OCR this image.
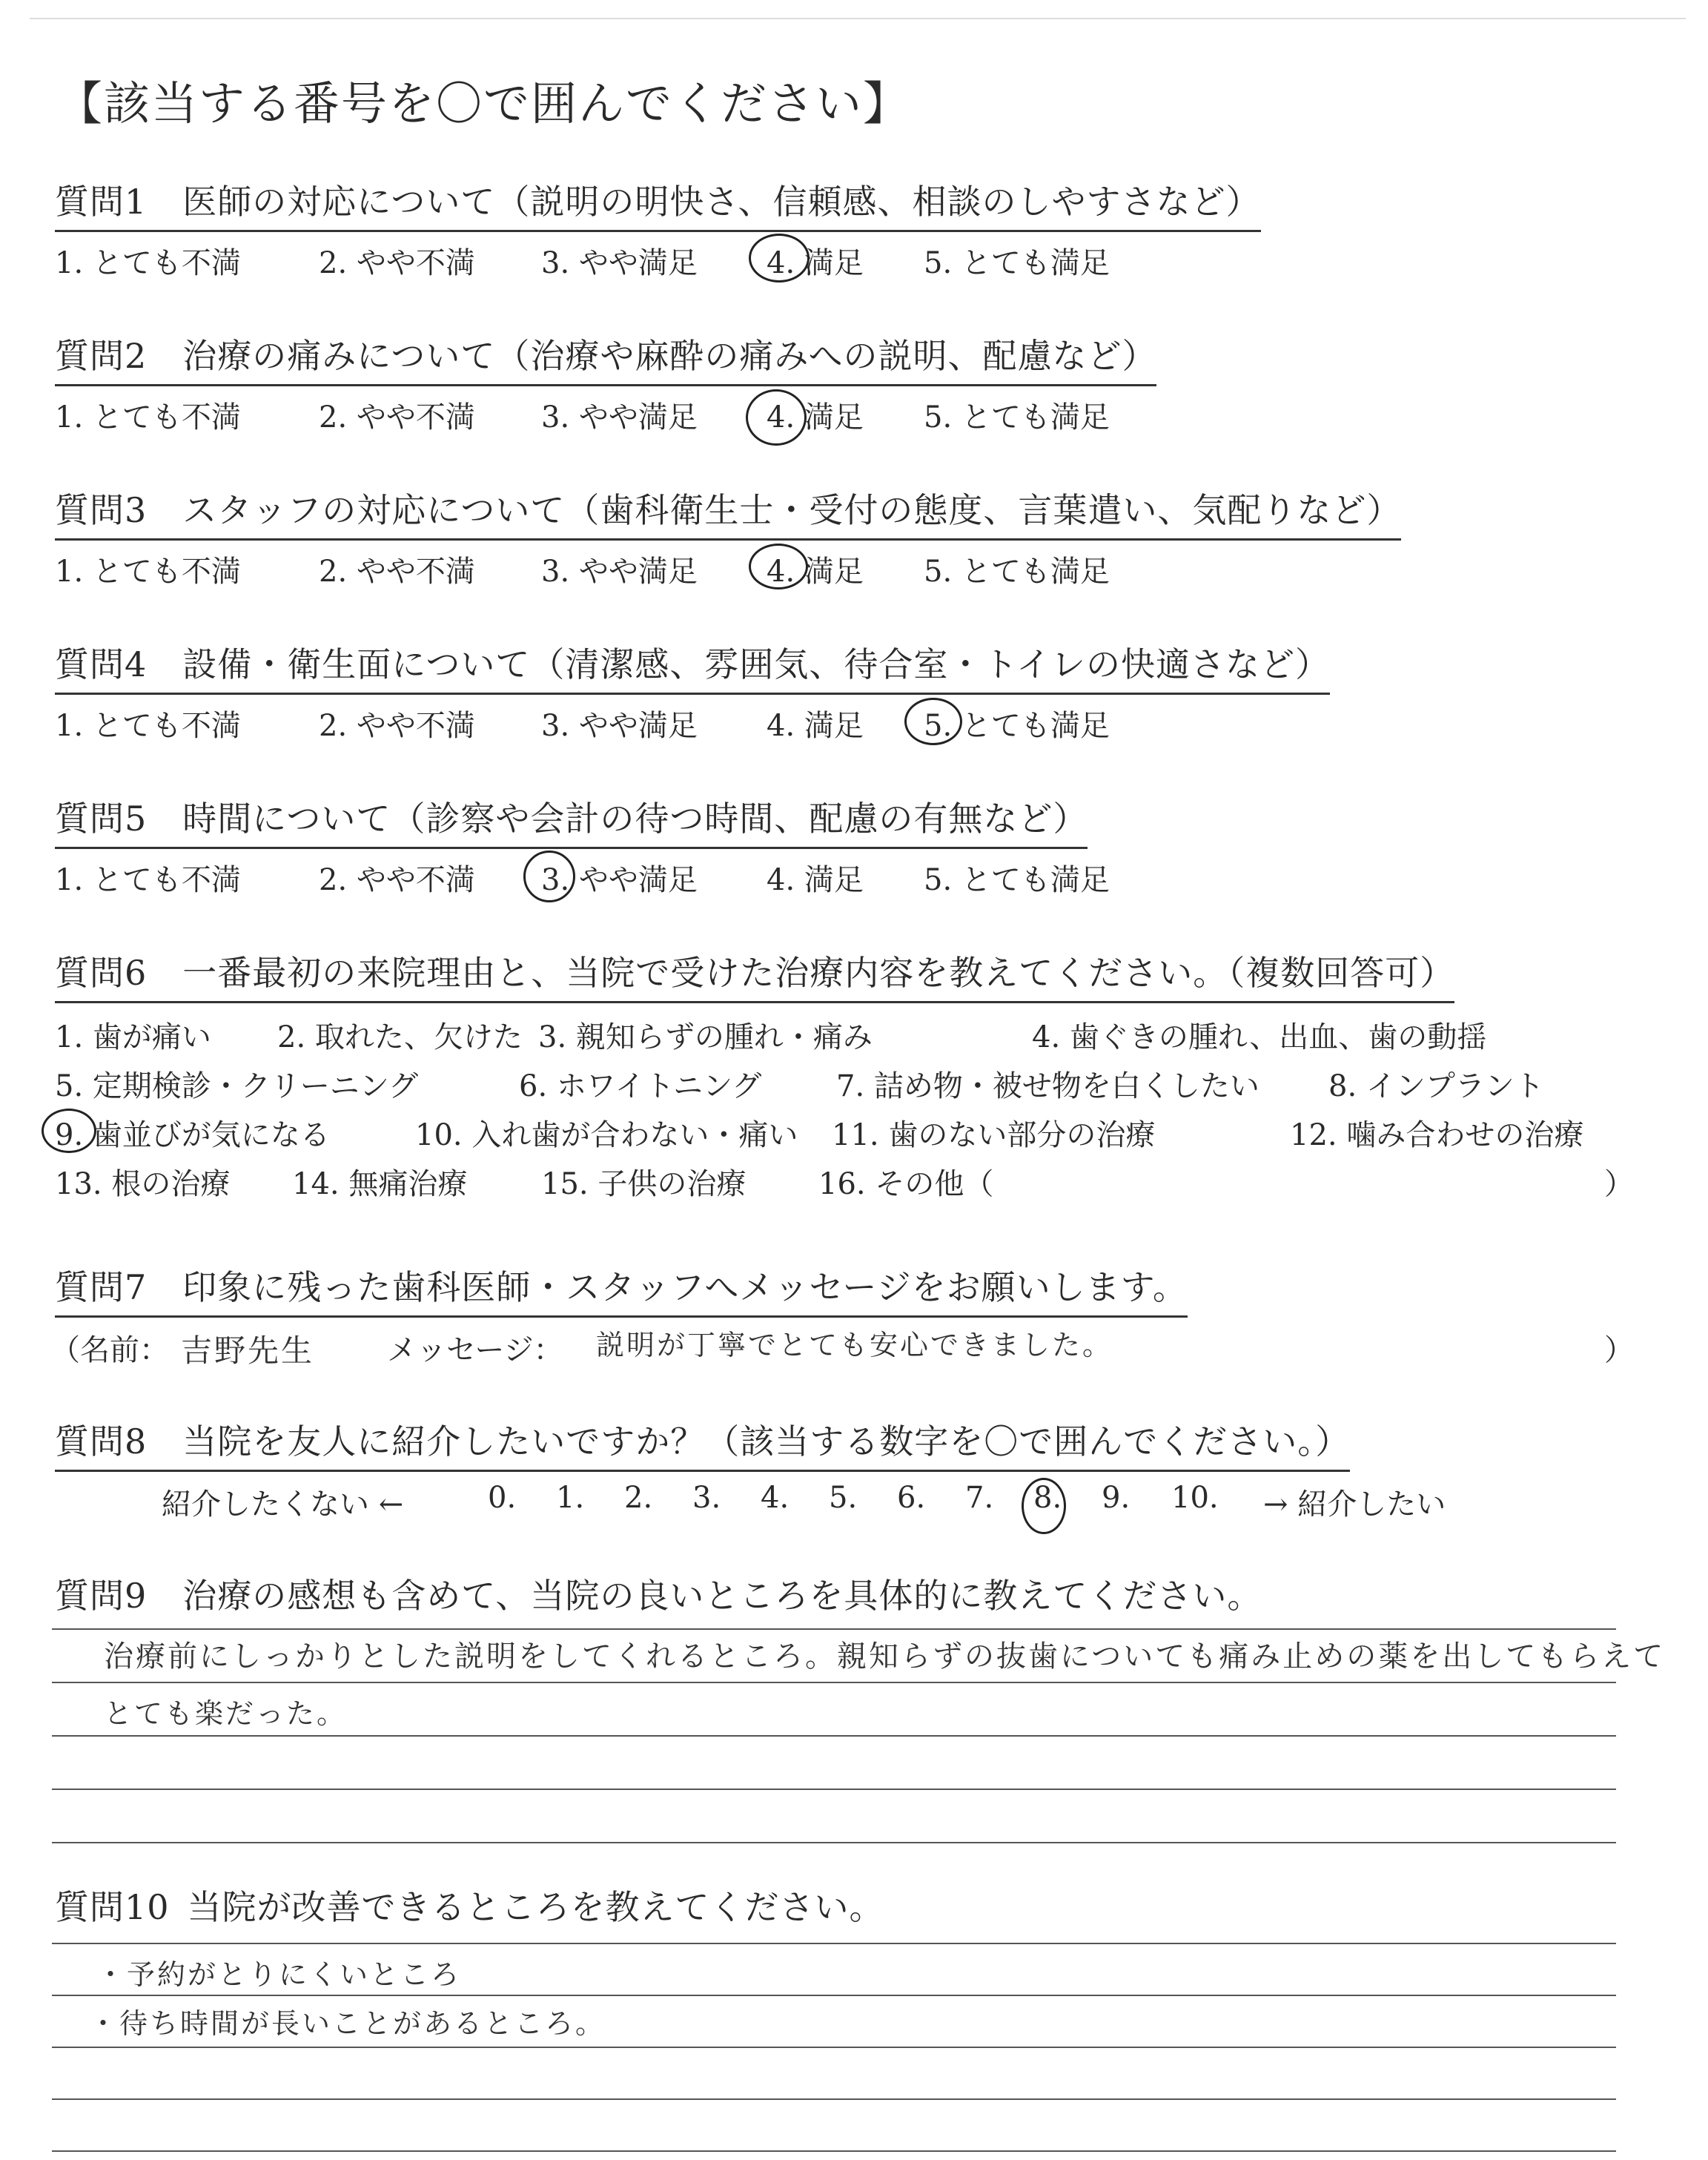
【該当する番号を〇で囲んでください】
質問1 医師の対応について（説明の明快さ、信頼感、相談のしやすさなど）
1. とても不満	2. やや不満 3. やや満足 4. 満足 5. とても満足
質問2 治療の痛みについて（治療や麻酔の痛みへの説明、配慮など）
1. とても不満	2. やや不満 3. やや満足 4. 満足 5. とても満足
質問3 スタッフの対応について（歯科衛生士・受付の態度、言葉遣い、気配りなど）
1. とても不満	2. やや不満 3. やや満足 4. 満足 5. とても満足
質問4 設備・衛生面について（清潔感、雰囲気、待合室・トイレの快適さなど）
1. とても不満	2. やや不満 3. やや満足 4. 満足 5. とても満足
質問5 時間について（診察や会計の待つ時間、配慮の有無など）
1. とても不満	2. やや不満 3. やや満足 4. 満足 5. とても満足
質問6 一番最初の来院理由と、当院で受けた治療内容を教えてください。（複数回答可）
1. 歯が痛い 2. 取れた、欠けた 3. 親知らずの腫れ・痛み	4. 歯ぐきの腫れ、出血、歯の動揺
5. 定期検診・クリーニング	6. ホワイトニング	7. 詰め物・被せ物を白くしたい 8. インプラント
9. 歯並びが気になる	10. 入れ歯が合わない・痛い 11. 歯のない部分の治療	12. 噛み合わせの治療
13. 根の治療 14. 無痛治療 15. 子供の治療 16. その他（	）
質問7 印象に残った歯科医師・スタッフへメッセージをお願いします。
（名前： 吉野先生 メッセージ： 説明が丁寧でとても安心できました。	）
質問8 当院を友人に紹介したいですか？（該当する数字を〇で囲んでください。）
紹介したくない ←	0. 1. 2. 3. 4. 5. 6. 7. 8. 9. 10. → 紹介したい
質問9 治療の感想も含めて、当院の良いところを具体的に教えてください。
治療前にしっかりとした説明をしてくれるところ。親知らずの抜歯についても痛み止めの薬を出してもらえて
とても楽だった。
質問10 当院が改善できるところを教えてください。
・予約がとりにくいところ
・待ち時間が長いことがあるところ。
